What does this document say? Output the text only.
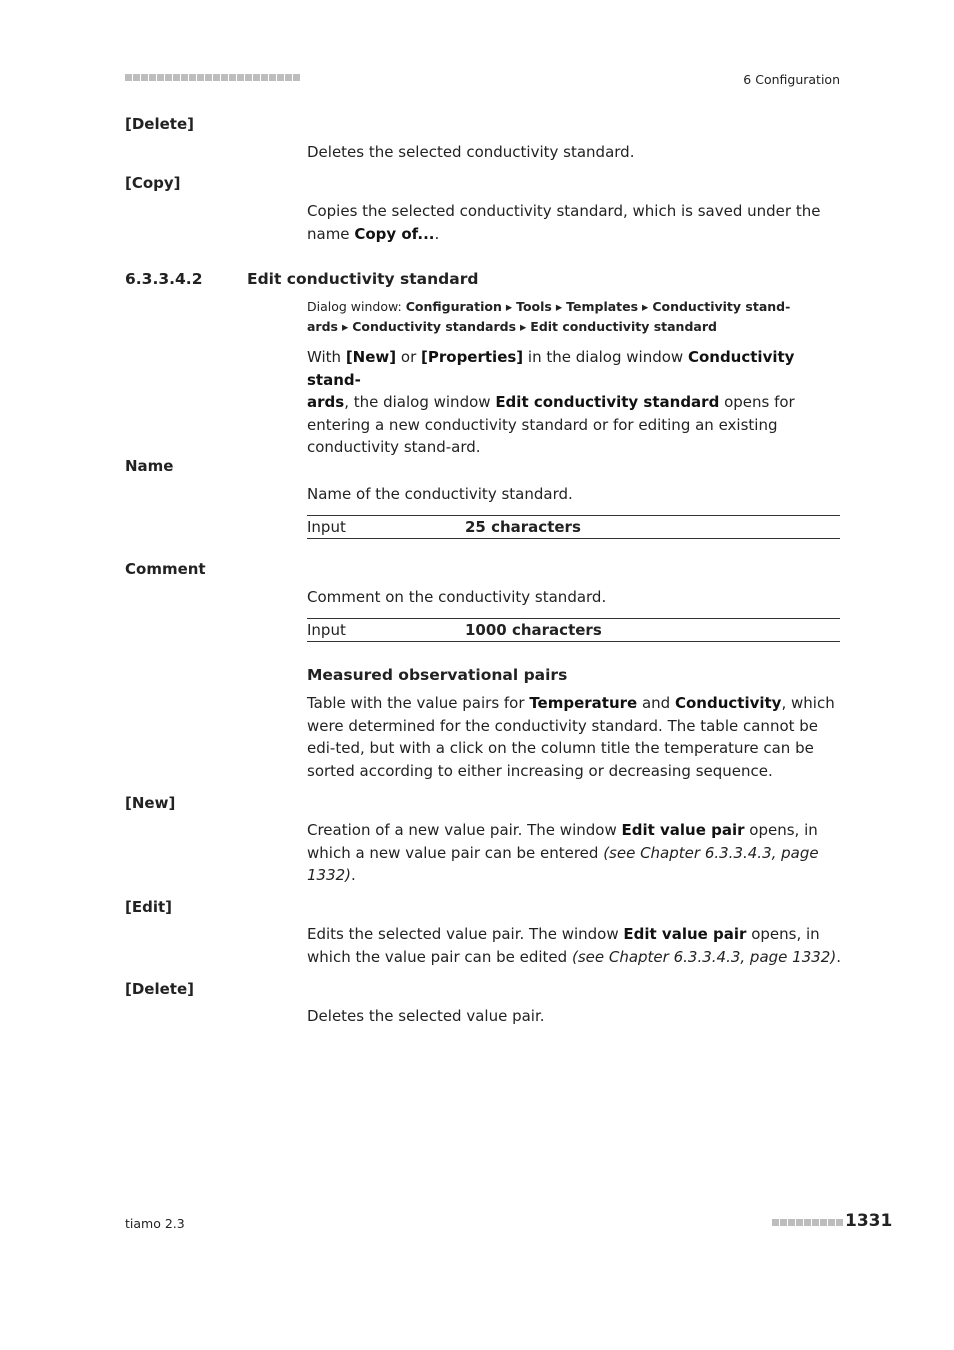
6 Configuration
[Delete]
Deletes the selected conductivity standard.
[Copy]
Copies the selected conductivity standard, which is saved under the name Copy of....
6.3.3.4.2	Edit conductivity standard
Dialog window: Configuration ▸ Tools ▸ Templates ▸ Conductivity stand-
ards ▸ Conductivity standards ▸ Edit conductivity standard
With [New] or [Properties] in the dialog window Conductivity stand-
ards, the dialog window Edit conductivity standard opens for entering a new conductivity standard or for editing an existing conductivity stand-ard.
Name
Name of the conductivity standard.
Input	25 characters
Comment
Comment on the conductivity standard.
Input	1000 characters
Measured observational pairs
Table with the value pairs for Temperature and Conductivity, which were determined for the conductivity standard. The table cannot be edi-ted, but with a click on the column title the temperature can be sorted according to either increasing or decreasing sequence.
[New]
Creation of a new value pair. The window Edit value pair opens, in which a new value pair can be entered (see Chapter 6.3.3.4.3, page 1332).
[Edit]
Edits the selected value pair. The window Edit value pair opens, in which the value pair can be edited (see Chapter 6.3.3.4.3, page 1332).
[Delete]
Deletes the selected value pair.
tiamo 2.3	1331
